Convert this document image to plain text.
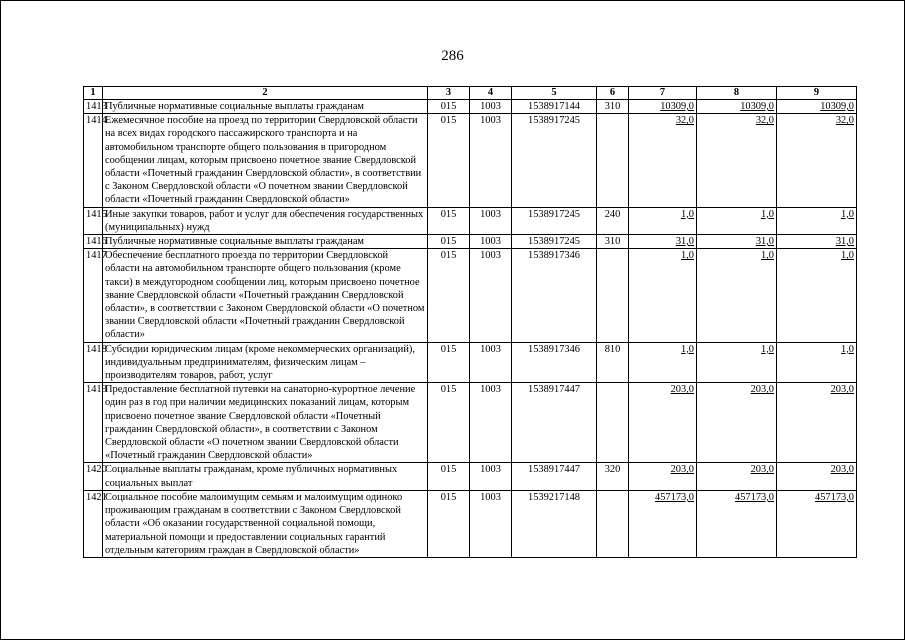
286
1	2	3	4	5	6	7	8	9
1413	Публичные нормативные социальные выплаты гражданам	015	1003	1538917144	310	10309,0	10309,0	10309,0
1414	Ежемесячное пособие на проезд по территории Свердловской области на всех видах городского пассажирского транспорта и на автомобильном транспорте общего пользования в пригородном сообщении лицам, которым присвоено почетное звание Свердловской области «Почетный гражданин Свердловской области», в соответствии с Законом Свердловской области «О почетном звании Свердловской области «Почетный гражданин Свердловской области»	015	1003	1538917245		32,0	32,0	32,0
1415	Иные закупки товаров, работ и услуг для обеспечения государственных (муниципальных) нужд	015	1003	1538917245	240	1,0	1,0	1,0
1416	Публичные нормативные социальные выплаты гражданам	015	1003	1538917245	310	31,0	31,0	31,0
1417	Обеспечение бесплатного проезда по территории Свердловской области на автомобильном транспорте общего пользования (кроме такси) в междугородном сообщении лиц, которым присвоено почетное звание Свердловской области «Почетный гражданин Свердловской области», в соответствии с Законом Свердловской области «О почетном звании Свердловской области «Почетный гражданин Свердловской области»	015	1003	1538917346		1,0	1,0	1,0
1418	Субсидии юридическим лицам (кроме некоммерческих организаций), индивидуальным предпринимателям, физическим лицам – производителям товаров, работ, услуг	015	1003	1538917346	810	1,0	1,0	1,0
1419	Предоставление бесплатной путевки на санаторно-курортное лечение один раз в год при наличии медицинских показаний лицам, которым присвоено почетное звание Свердловской области «Почетный гражданин Свердловской области», в соответствии с Законом Свердловской области «О почетном звании Свердловской области «Почетный гражданин Свердловской области»	015	1003	1538917447		203,0	203,0	203,0
1420	Социальные выплаты гражданам, кроме публичных нормативных социальных выплат	015	1003	1538917447	320	203,0	203,0	203,0
1421	Социальное пособие малоимущим семьям и малоимущим одиноко проживающим гражданам в соответствии с Законом Свердловской области «Об оказании государственной социальной помощи, материальной помощи и предоставлении социальных гарантий отдельным категориям граждан в Свердловской области»	015	1003	1539217148		457173,0	457173,0	457173,0
